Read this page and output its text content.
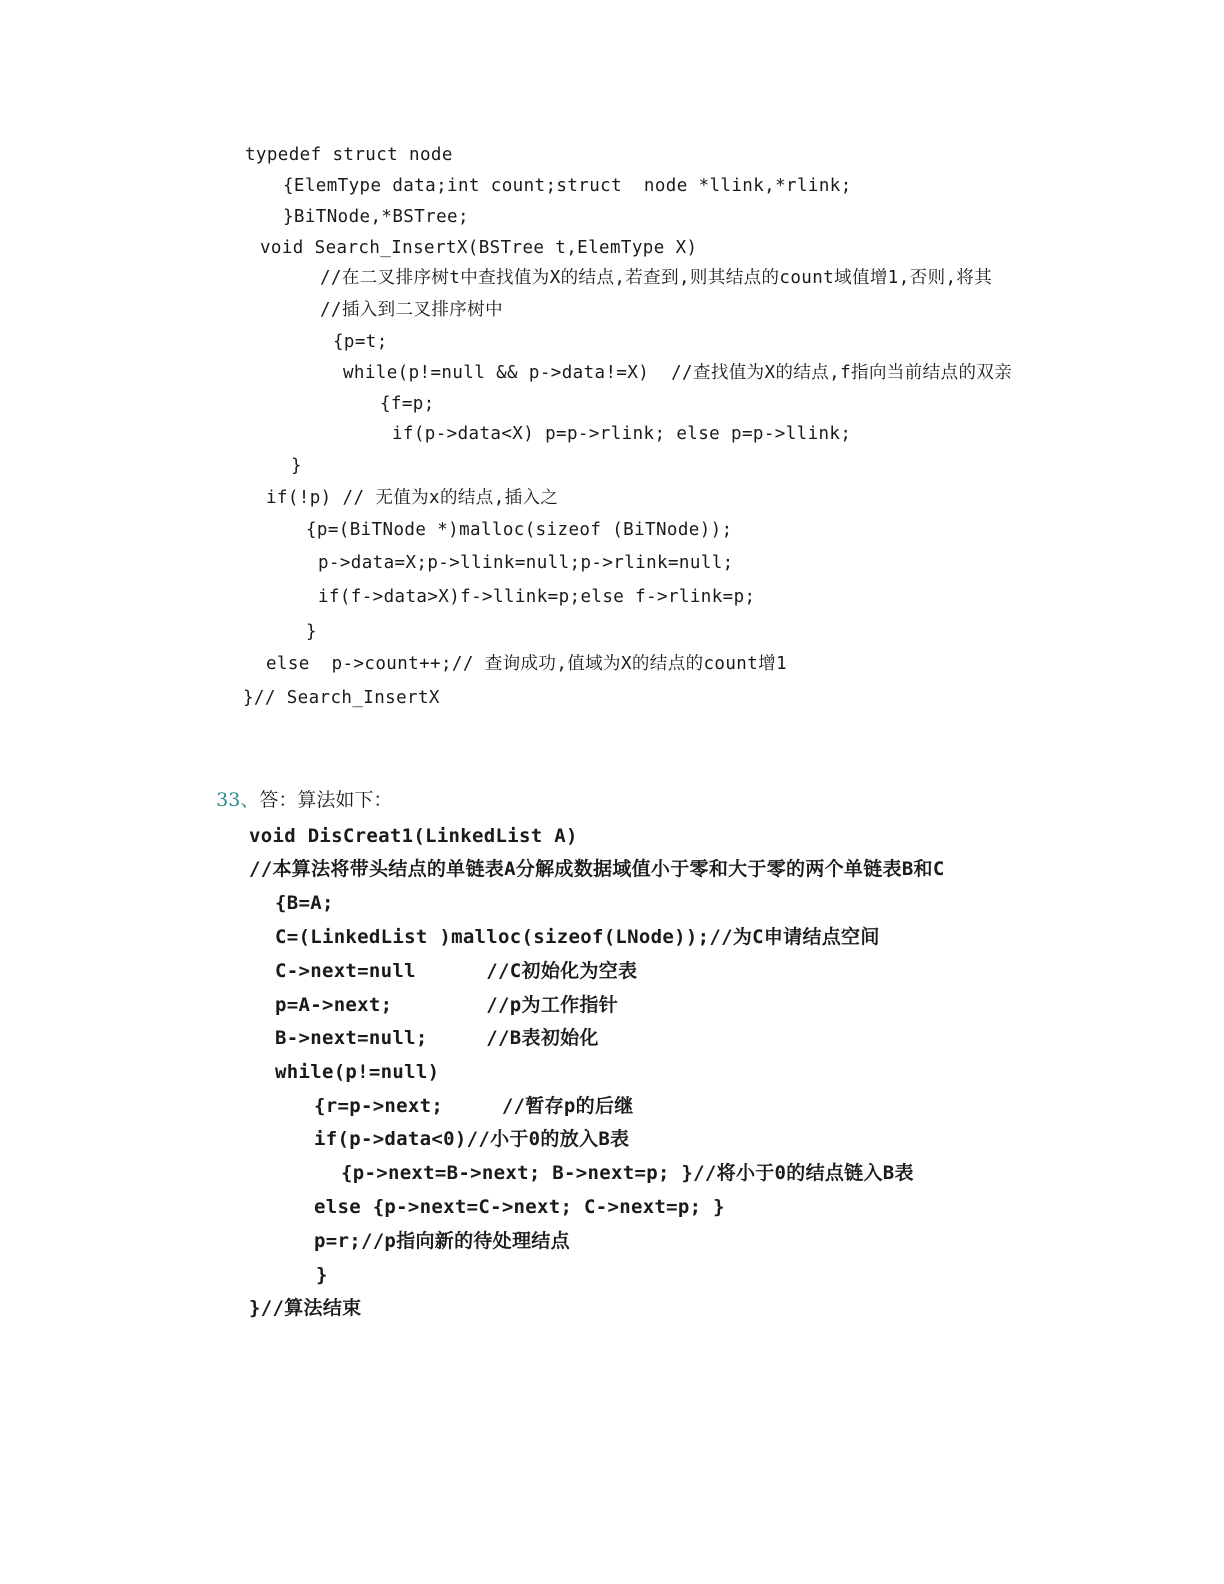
typedef struct node
{ElemType data;int count;struct  node *llink,*rlink;
}BiTNode,*BSTree;
void Search_InsertX(BSTree t,ElemType X)
//在二叉排序树t中查找值为X的结点,若查到,则其结点的count域值增1,否则,将其
//插入到二叉排序树中
{p=t;
while(p!=null && p->data!=X)  //查找值为X的结点,f指向当前结点的双亲
{f=p;
if(p->data<X) p=p->rlink; else p=p->llink;
}
if(!p) // 无值为x的结点,插入之
{p=(BiTNode *)malloc(sizeof (BiTNode));
p->data=X;p->llink=null;p->rlink=null;
if(f->data>X)f->llink=p;else f->rlink=p;
}
else  p->count++;// 查询成功,值域为X的结点的count增1
}// Search_InsertX

33、答：算法如下：

void DisCreat1(LinkedList A)
//本算法将带头结点的单链表A分解成数据域值小于零和大于零的两个单链表B和C
{B=A;
C=(LinkedList )malloc(sizeof(LNode));//为C申请结点空间
C->next=null      //C初始化为空表
p=A->next;        //p为工作指针
B->next=null;     //B表初始化
while(p!=null)
{r=p->next;     //暂存p的后继
if(p->data<0)//小于0的放入B表
{p->next=B->next; B->next=p; }//将小于0的结点链入B表
else {p->next=C->next; C->next=p; }
p=r;//p指向新的待处理结点
}
}//算法结束
